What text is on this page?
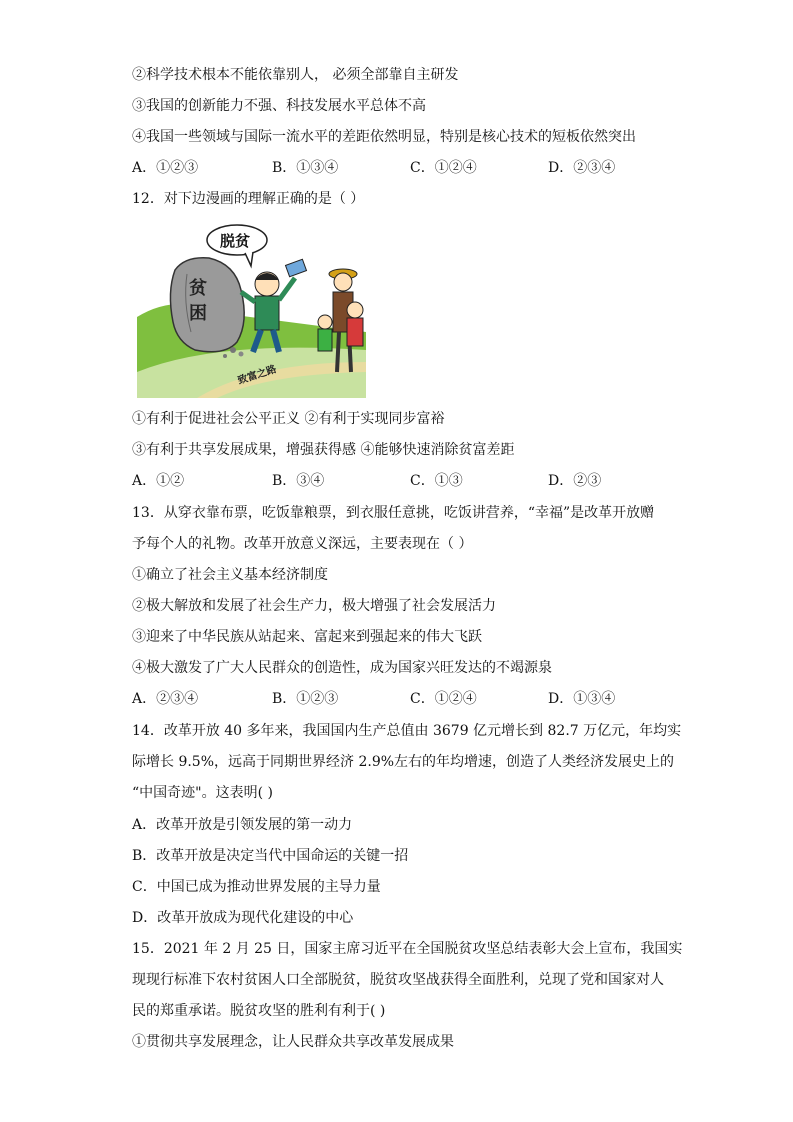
②科学技术根本不能依靠别人， 必须全部靠自主研发
③我国的创新能力不强、科技发展水平总体不高
④我国一些领域与国际一流水平的差距依然明显，特别是核心技术的短板依然突出
A．①②③	B．①③④	C．①②④	D．②③④
12．对下边漫画的理解正确的是（ ）
致富之路
贫
困
脱贫
①有利于促进社会公平正义 ②有利于实现同步富裕
③有利于共享发展成果，增强获得感 ④能够快速消除贫富差距
A．①②	B．③④	C．①③	D．②③
13．从穿衣靠布票，吃饭靠粮票，到衣服任意挑，吃饭讲营养，“幸福”是改革开放赠
予每个人的礼物。改革开放意义深远，主要表现在（ ）
①确立了社会主义基本经济制度
②极大解放和发展了社会生产力，极大增强了社会发展活力
③迎来了中华民族从站起来、富起来到强起来的伟大飞跃
④极大激发了广大人民群众的创造性，成为国家兴旺发达的不竭源泉
A．②③④	B．①②③	C．①②④	D．①③④
14．改革开放 40 多年来，我国国内生产总值由 3679 亿元增长到 82.7 万亿元，年均实
际增长 9.5%，远高于同期世界经济 2.9%左右的年均增速，创造了人类经济发展史上的
“中国奇迹"。这表明( )
A．改革开放是引领发展的第一动力
B．改革开放是决定当代中国命运的关键一招
C．中国已成为推动世界发展的主导力量
D．改革开放成为现代化建设的中心
15．2021 年 2 月 25 日，国家主席习近平在全国脱贫攻坚总结表彰大会上宣布，我国实
现现行标准下农村贫困人口全部脱贫，脱贫攻坚战获得全面胜利，兑现了党和国家对人
民的郑重承诺。脱贫攻坚的胜利有利于( )
①贯彻共享发展理念，让人民群众共享改革发展成果
